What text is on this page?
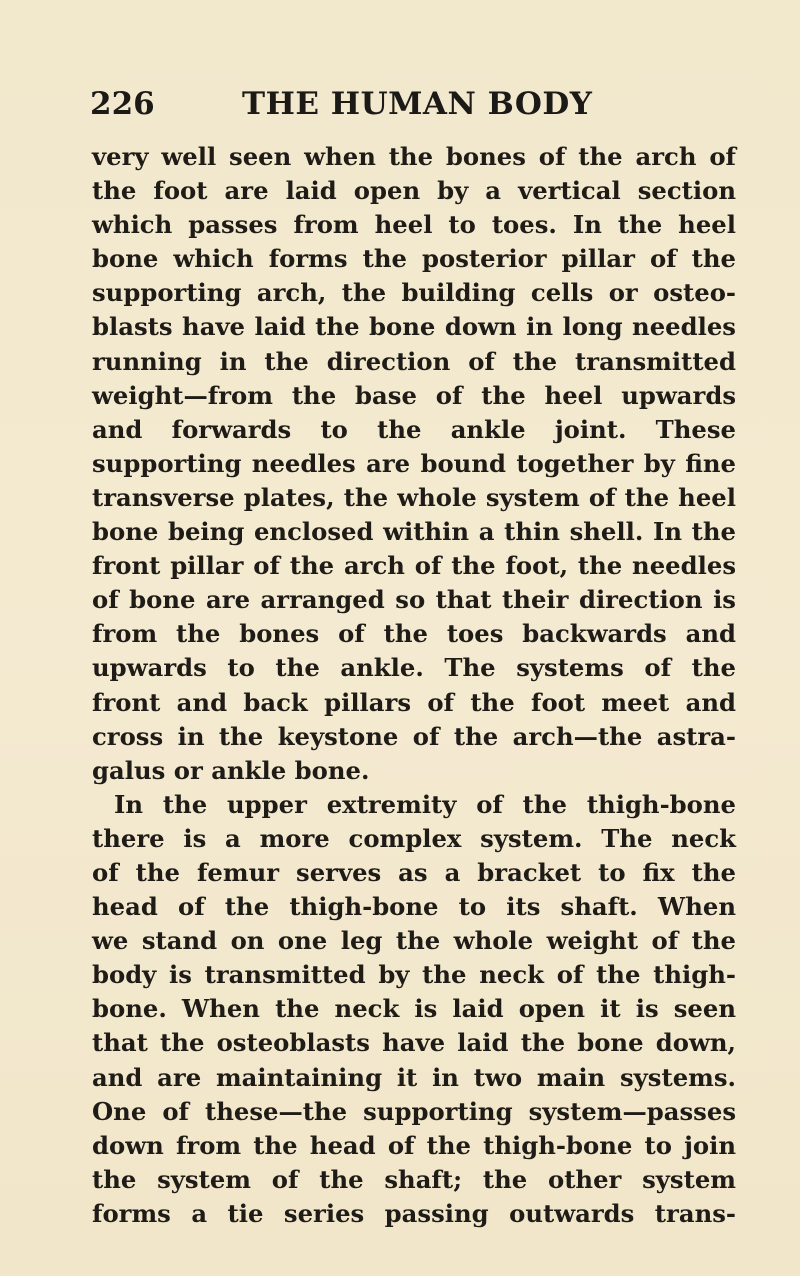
226	THE HUMAN BODY
very well seen when the bones of the arch of
the foot are laid open by a vertical section
which passes from heel to toes. In the heel
bone which forms the posterior pillar of the
supporting arch, the building cells or osteo-
blasts have laid the bone down in long needles
running in the direction of the transmitted
weight—from the base of the heel upwards
and forwards to the ankle joint. These
supporting needles are bound together by fine
transverse plates, the whole system of the heel
bone being enclosed within a thin shell. In the
front pillar of the arch of the foot, the needles
of bone are arranged so that their direction is
from the bones of the toes backwards and
upwards to the ankle. The systems of the
front and back pillars of the foot meet and
cross in the keystone of the arch—the astra-
galus or ankle bone.
In the upper extremity of the thigh-bone
there is a more complex system. The neck
of the femur serves as a bracket to fix the
head of the thigh-bone to its shaft. When
we stand on one leg the whole weight of the
body is transmitted by the neck of the thigh-
bone. When the neck is laid open it is seen
that the osteoblasts have laid the bone down,
and are maintaining it in two main systems.
One of these—the supporting system—passes
down from the head of the thigh-bone to join
the system of the shaft; the other system
forms a tie series passing outwards trans-
